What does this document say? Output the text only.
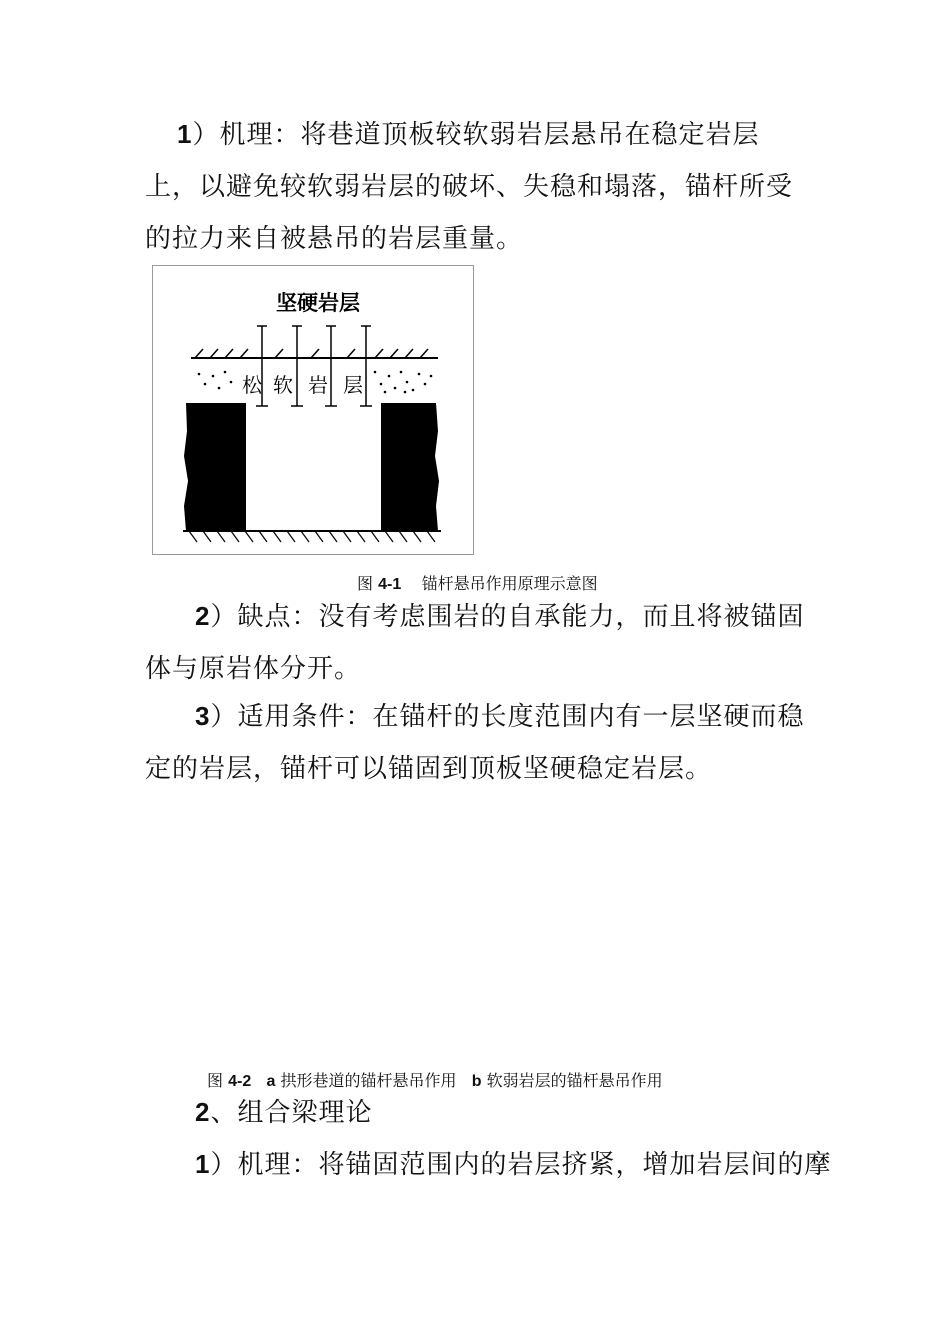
1）机理：将巷道顶板较软弱岩层悬吊在稳定岩层上，以避免较软弱岩层的破坏、失稳和塌落，锚杆所受的拉力来自被悬吊的岩层重量。

坚硬岩层
松 软 岩 层
图 4-1 锚杆悬吊作用原理示意图

2）缺点：没有考虑围岩的自承能力，而且将被锚固体与原岩体分开。

3）适用条件：在锚杆的长度范围内有一层坚硬而稳定的岩层，锚杆可以锚固到顶板坚硬稳定岩层。

图 4-2 a 拱形巷道的锚杆悬吊作用 b 软弱岩层的锚杆悬吊作用

2、组合梁理论

1）机理：将锚固范围内的岩层挤紧，增加岩层间的摩
